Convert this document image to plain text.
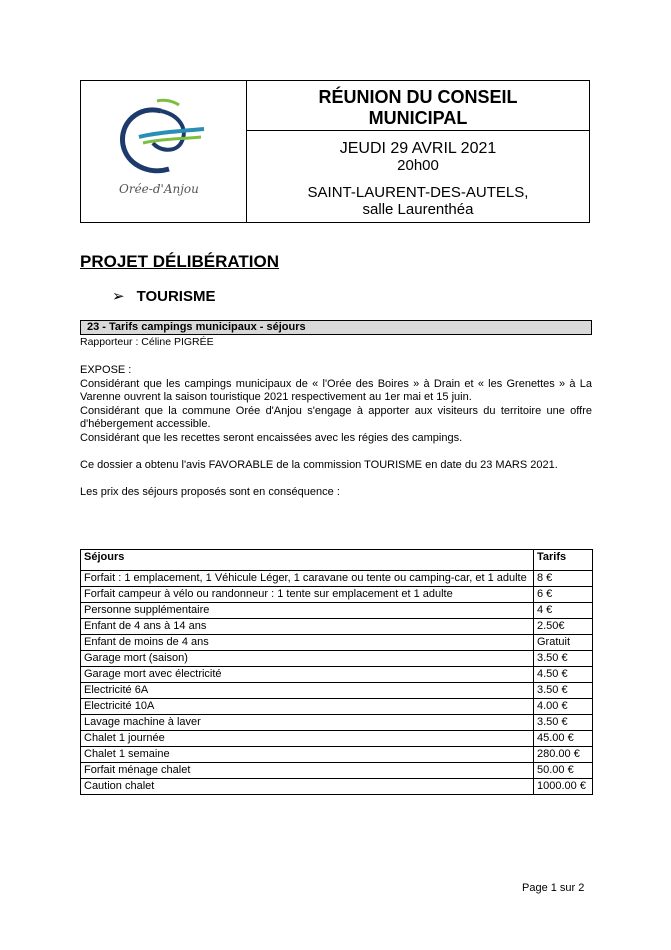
Orée-d'Anjou
RÉUNION DU CONSEIL
MUNICIPAL
JEUDI 29 AVRIL 2021
20h00
SAINT-LAURENT-DES-AUTELS,
salle Laurenthéa
PROJET DÉLIBÉRATION
➢ TOURISME
23 - Tarifs campings municipaux - séjours
Rapporteur : Céline PIGRÉE

EXPOSE :

Considérant que les campings municipaux de « l'Orée des Boires » à Drain et « les Grenettes » à La Varenne ouvrent la saison touristique 2021 respectivement au 1er mai et 15 juin.

Considérant que la commune Orée d'Anjou s'engage à apporter aux visiteurs du territoire une offre d'hébergement accessible.

Considérant que les recettes seront encaissées avec les régies des campings.

Ce dossier a obtenu l'avis FAVORABLE de la commission TOURISME en date du 23 MARS 2021.

Les prix des séjours proposés sont en conséquence :

Séjours	Tarifs
Forfait : 1 emplacement, 1 Véhicule Léger, 1 caravane ou tente ou camping-car, et 1 adulte	8 €
Forfait campeur à vélo ou randonneur : 1 tente sur emplacement et 1 adulte	6 €
Personne supplémentaire	4 €
Enfant de 4 ans à 14 ans	2.50€
Enfant de moins de 4 ans	Gratuit
Garage mort (saison)	3.50 €
Garage mort avec électricité	4.50 €
Electricité 6A	3.50 €
Electricité 10A	4.00 €
Lavage machine à laver	3.50 €
Chalet 1 journée	45.00 €
Chalet 1 semaine	280.00 €
Forfait ménage chalet	50.00 €
Caution chalet	1000.00 €
Page 1 sur 2
